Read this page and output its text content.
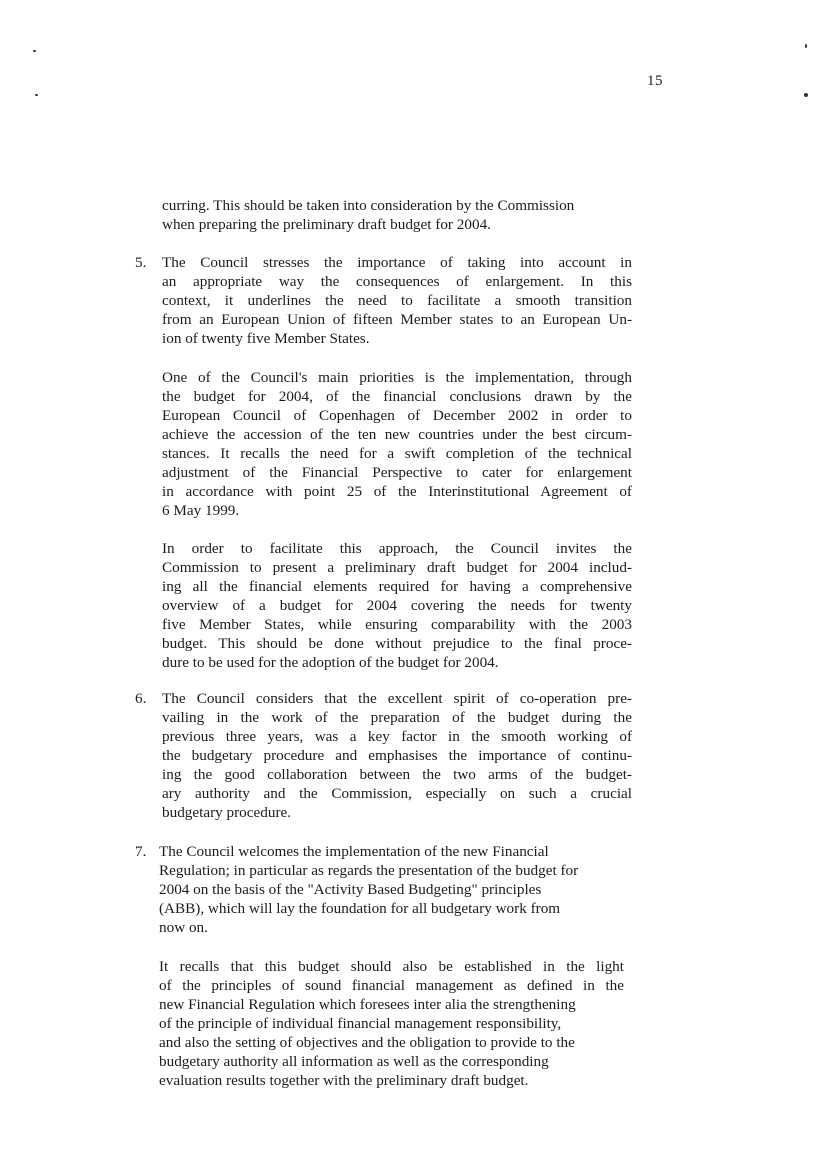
15
curring. This should be taken into consideration by the Commission
when preparing the preliminary draft budget for 2004.
5. The Council stresses the importance of taking into account in
an appropriate way the consequences of enlargement. In this
context, it underlines the need to facilitate a smooth transition
from an European Union of fifteen Member states to an European Un-
ion of twenty five Member States.
One of the Council's main priorities is the implementation, through
the budget for 2004, of the financial conclusions drawn by the
European Council of Copenhagen of December 2002 in order to
achieve the accession of the ten new countries under the best circum-
stances. It recalls the need for a swift completion of the technical
adjustment of the Financial Perspective to cater for enlargement
in accordance with point 25 of the Interinstitutional Agreement of
6 May 1999.
In order to facilitate this approach, the Council invites the
Commission to present a preliminary draft budget for 2004 includ-
ing all the financial elements required for having a comprehensive
overview of a budget for 2004 covering the needs for twenty
five Member States, while ensuring comparability with the 2003
budget. This should be done without prejudice to the final proce-
dure to be used for the adoption of the budget for 2004.
6. The Council considers that the excellent spirit of co-operation pre-
vailing in the work of the preparation of the budget during the
previous three years, was a key factor in the smooth working of
the budgetary procedure and emphasises the importance of continu-
ing the good collaboration between the two arms of the budget-
ary authority and the Commission, especially on such a crucial
budgetary procedure.
7. The Council welcomes the implementation of the new Financial
Regulation; in particular as regards the presentation of the budget for
2004 on the basis of the "Activity Based Budgeting" principles
(ABB), which will lay the foundation for all budgetary work from
now on.
It recalls that this budget should also be established in the light
of the principles of sound financial management as defined in the
new Financial Regulation which foresees inter alia the strengthening
of the principle of individual financial management responsibility,
and also the setting of objectives and the obligation to provide to the
budgetary authority all information as well as the corresponding
evaluation results together with the preliminary draft budget.
